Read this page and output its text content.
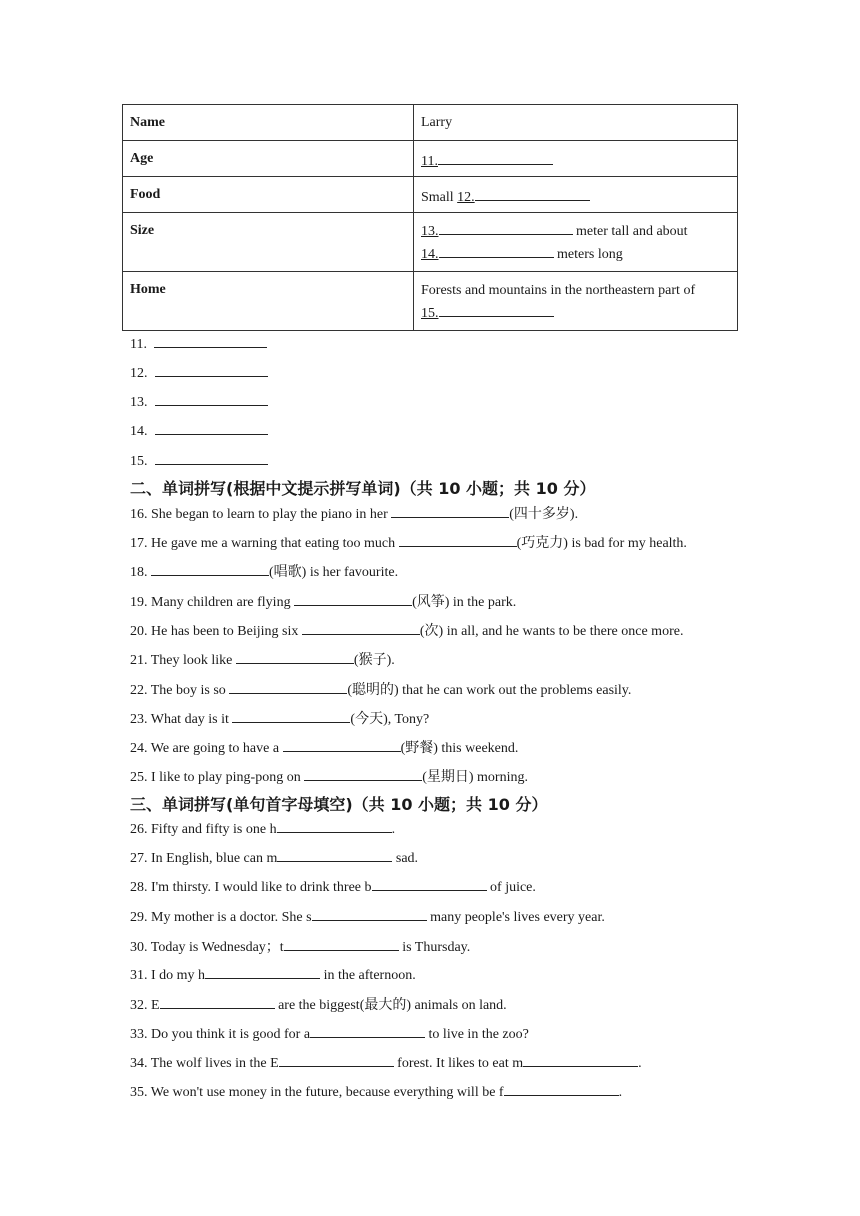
Name	Larry
Age	11.
Food	Small 12.
Size	13. meter tall and about
14. meters long

Home	Forests and mountains in the northeastern part of
15.
11.
12.
13.
14.
15.
二、单词拼写(根据中文提示拼写单词)（共 10 小题；共 10 分）
16. She began to learn to play the piano in her	(四十多岁).
17. He gave me a warning that eating too much	(巧克力) is bad for my health.
18.	(唱歌) is her favourite.
19. Many children are flying	(风筝) in the park.
20. He has been to Beijing six	(次) in all, and he wants to be there once more.
21. They look like	(猴子).
22. The boy is so	(聪明的) that he can work out the problems easily.
23. What day is it	(今天), Tony?
24. We are going to have a	(野餐) this weekend.
25. I like to play ping-pong on	(星期日) morning.
三、单词拼写(单句首字母填空)（共 10 小题；共 10 分）
26. Fifty and fifty is one h	.
27. In English, blue can m	sad.
28. I'm thirsty. I would like to drink three b	of juice.
29. My mother is a doctor. She s	many people's lives every year.
30. Today is Wednesday；t	is Thursday.
31. I do my h	in the afternoon.
32. E	are the biggest(最大的) animals on land.
33. Do you think it is good for a	to live in the zoo?
34. The wolf lives in the E	forest. It likes to eat m	.
35. We won't use money in the future, because everything will be f	.
